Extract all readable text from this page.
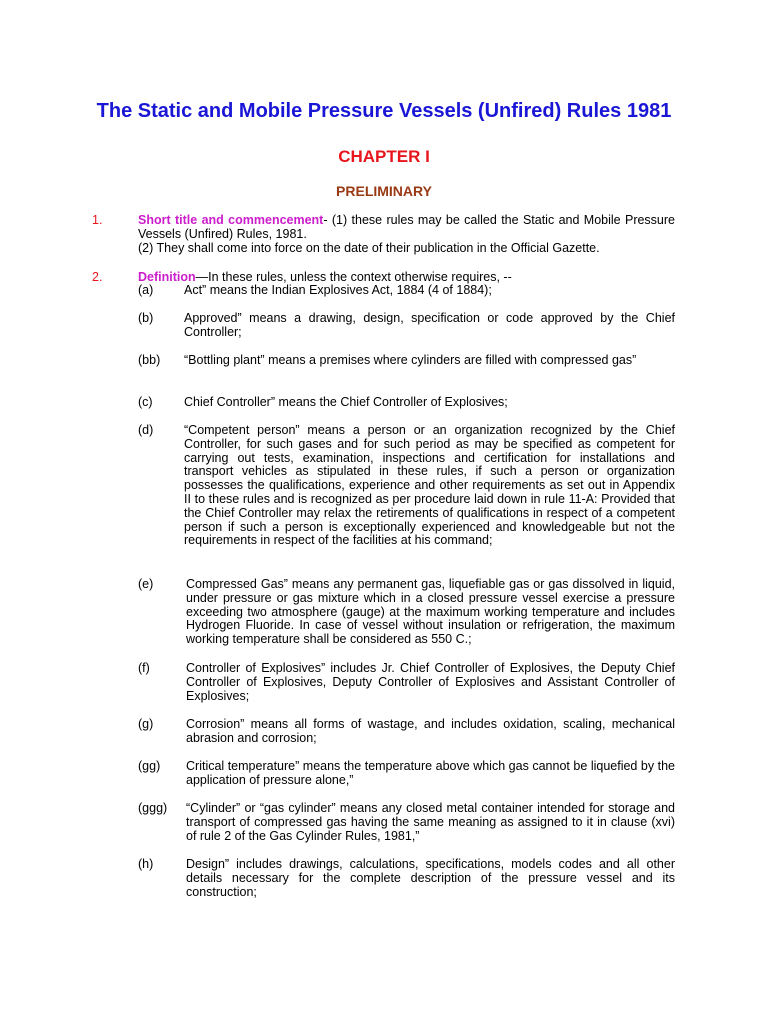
The Static and Mobile Pressure Vessels (Unfired) Rules 1981
CHAPTER I
PRELIMINARY
1.	Short title and commencement- (1) these rules may be called the Static and Mobile Pressure Vessels (Unfired) Rules, 1981.
(2) They shall come into force on the date of their publication in the Official Gazette.
2.	Definition—In these rules, unless the context otherwise requires, --
(a) Act” means the Indian Explosives Act, 1884 (4 of 1884);
(b) Approved” means a drawing, design, specification or code approved by the Chief Controller;
(bb) “Bottling plant” means a premises where cylinders are filled with compressed gas”
(c)	Chief Controller” means the Chief Controller of Explosives;
(d) “Competent person” means a person or an organization recognized by the Chief Controller, for such gases and for such period as may be specified as competent for carrying out tests, examination, inspections and certification for installations and transport vehicles as stipulated in these rules, if such a person or organization possesses the qualifications, experience and other requirements as set out in Appendix II to these rules and is recognized as per procedure laid down in rule 11-A: Provided that the Chief Controller may relax the retirements of qualifications in respect of a competent person if such a person is exceptionally experienced and knowledgeable but not the requirements in respect of the facilities at his command;
(e)	Compressed Gas” means any permanent gas, liquefiable gas or gas dissolved in liquid, under pressure or gas mixture which in a closed pressure vessel exercise a pressure exceeding two atmosphere (gauge) at the maximum working temperature and includes Hydrogen Fluoride. In case of vessel without insulation or refrigeration, the maximum working temperature shall be considered as 550 C.;
(f)	Controller of Explosives” includes Jr. Chief Controller of Explosives, the Deputy Chief Controller of Explosives, Deputy Controller of Explosives and Assistant Controller of Explosives;
(g)	Corrosion” means all forms of wastage, and includes oxidation, scaling, mechanical abrasion and corrosion;
(gg) Critical temperature” means the temperature above which gas cannot be liquefied by the application of pressure alone,”
(ggg) “Cylinder” or “gas cylinder” means any closed metal container intended for storage and transport of compressed gas having the same meaning as assigned to it in clause (xvi) of rule 2 of the Gas Cylinder Rules, 1981,”
(h)	Design” includes drawings, calculations, specifications, models codes and all other details necessary for the complete description of the pressure vessel and its construction;
